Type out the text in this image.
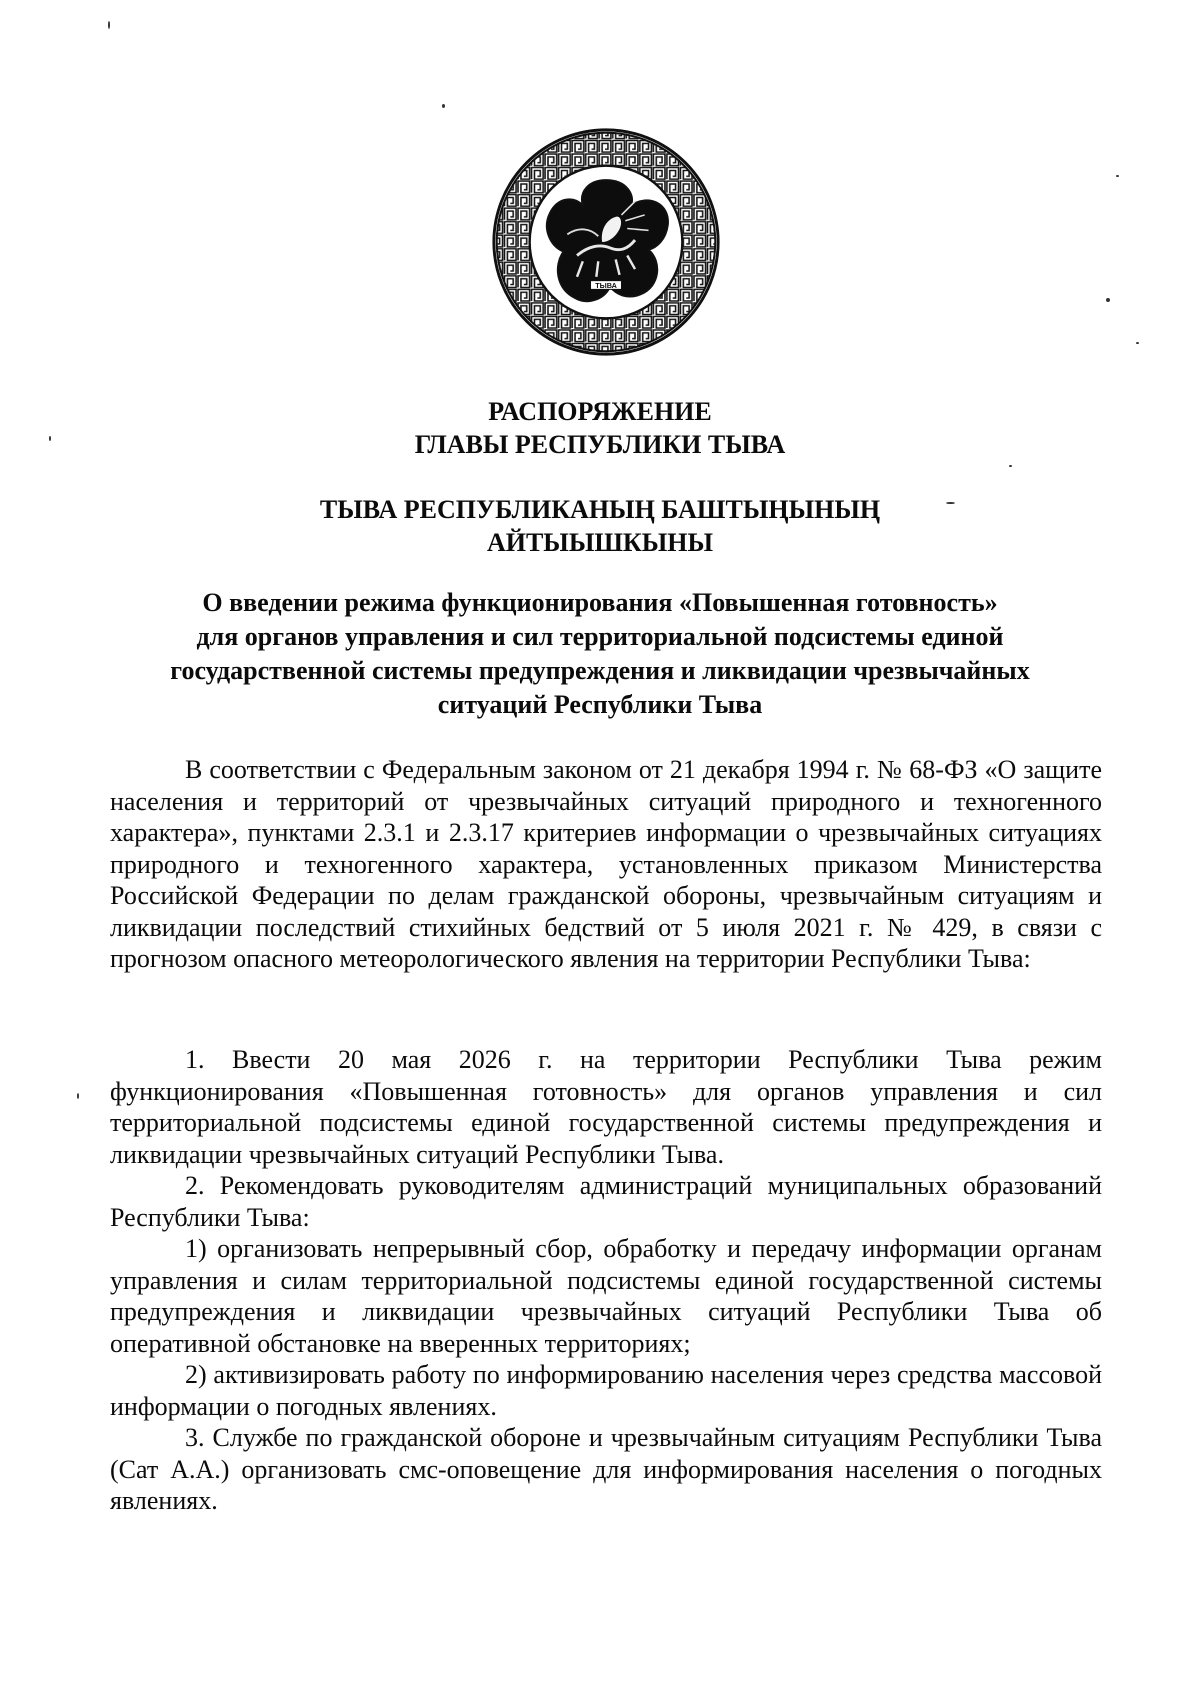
ТЫВА
РАСПОРЯЖЕНИЕ
ГЛАВЫ РЕСПУБЛИКИ ТЫВА
ТЫВА РЕСПУБЛИКАНЫҢ БАШТЫҢЫНЫҢ
АЙТЫЫШКЫНЫ
О введении режима функционирования «Повышенная готовность»
для органов управления и сил территориальной подсистемы единой
государственной системы предупреждения и ликвидации чрезвычайных
ситуаций Республики Тыва
В соответствии с Федеральным законом от 21 декабря 1994 г. № 68-ФЗ «О защите населения и территорий от чрезвычайных ситуаций природного и техногенного характера», пунктами 2.3.1 и 2.3.17 критериев информации о чрезвычайных ситуациях природного и техногенного характера, установленных приказом Министерства Российской Федерации по делам гражданской обороны, чрезвычайным ситуациям и ликвидации последствий стихийных бедствий от 5 июля 2021 г. № 429, в связи с прогнозом опасного метеорологического явления на территории Республики Тыва:
1. Ввести 20 мая 2026 г. на территории Республики Тыва режим функционирования «Повышенная готовность» для органов управления и сил территориальной подсистемы единой государственной системы предупреждения и ликвидации чрезвычайных ситуаций Республики Тыва.
2. Рекомендовать руководителям администраций муниципальных образований Республики Тыва:
1) организовать непрерывный сбор, обработку и передачу информации органам управления и силам территориальной подсистемы единой государственной системы предупреждения и ликвидации чрезвычайных ситуаций Республики Тыва об оперативной обстановке на вверенных территориях;
2) активизировать работу по информированию населения через средства массовой информации о погодных явлениях.
3. Службе по гражданской обороне и чрезвычайным ситуациям Республики Тыва (Сат А.А.) организовать смс-оповещение для информирования населения о погодных явлениях.
